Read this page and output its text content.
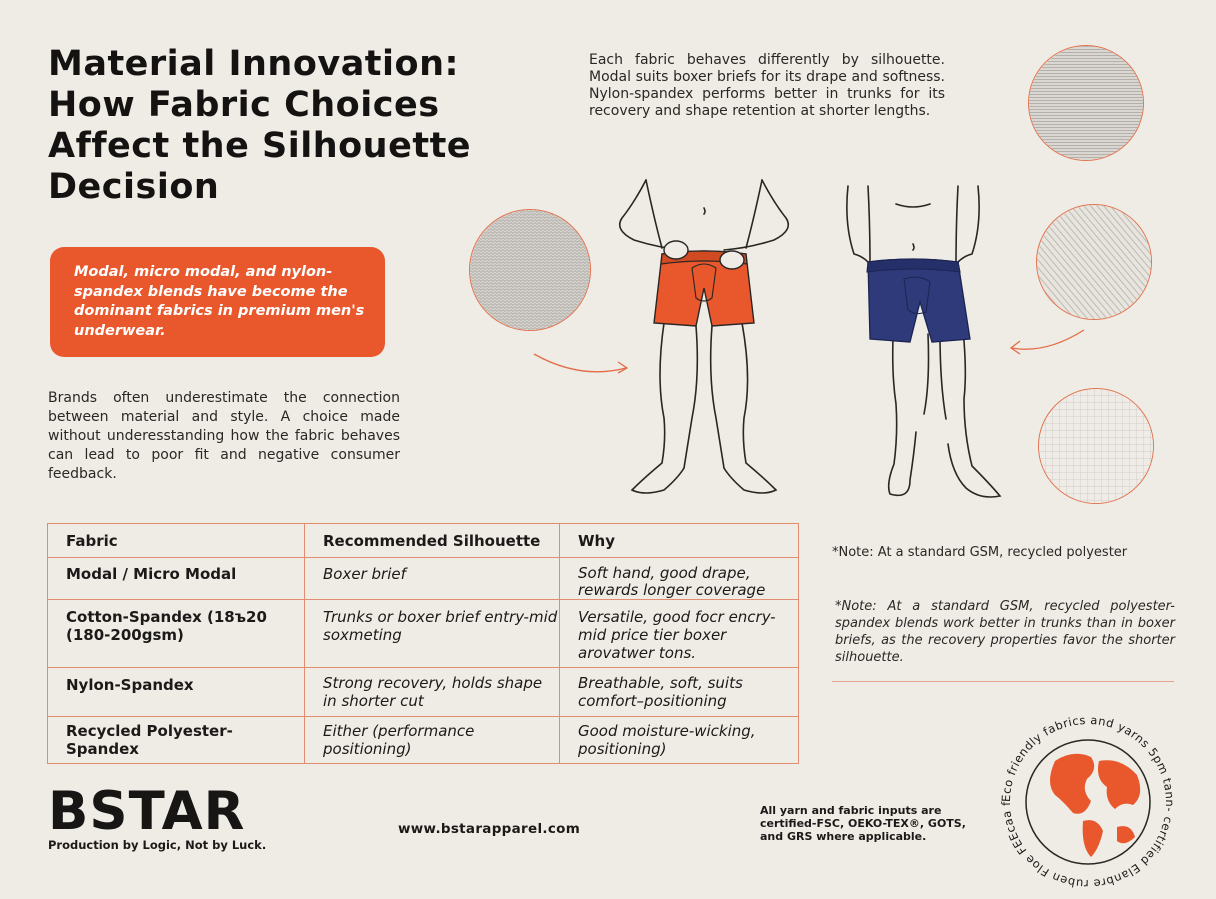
Material Innovation: How Fabric Choices Affect the Silhouette Decision
Modal, micro modal, and nylon-spandex blends have become the dominant fabrics in premium men's underwear.

Brands often underestimate the connection between material and style. A choice made without underesstanding how the fabric behaves can lead to poor fit and negative consumer feedback.

Each fabric behaves differently by silhouette. Modal suits boxer briefs for its drape and softness. Nylon-spandex performs better in trunks for its recovery and shape retention at shorter lengths.

Fabric	Recommended Silhouette	Why
Modal / Micro Modal	Boxer brief	Soft hand, good drape, rewards longer coverage
Cotton-Spandex (18ъ20 (180-200gsm)	Trunks or boxer brief entry-mid soxmeting	Versatile, good focr encry-mid price tier boxer arovatwer tons.
Nylon-Spandex	Strong recovery, holds shape in shorter cut	Breathable, soft, suits comfort–positioning
Recycled Polyester-Spandex	Either (performance positioning)	Good moisture-wicking, positioning)

*Note: At a standard GSM, recycled polyester

*Note: At a standard GSM, recycled polyester-spandex blends work better in trunks than in boxer briefs, as the recovery properties favor the shorter silhouette.

BSTAR
Production by Logic, Not by Luck.
www.bstarapparel.com

All yarn and fabric inputs are certified-FSC, OEKO-TEX®, GOTS, and GRS where applicable.

Eco friendly fabrics and yarns 5pm tann- certified Elanbre ruben Floe FEEcaa f
